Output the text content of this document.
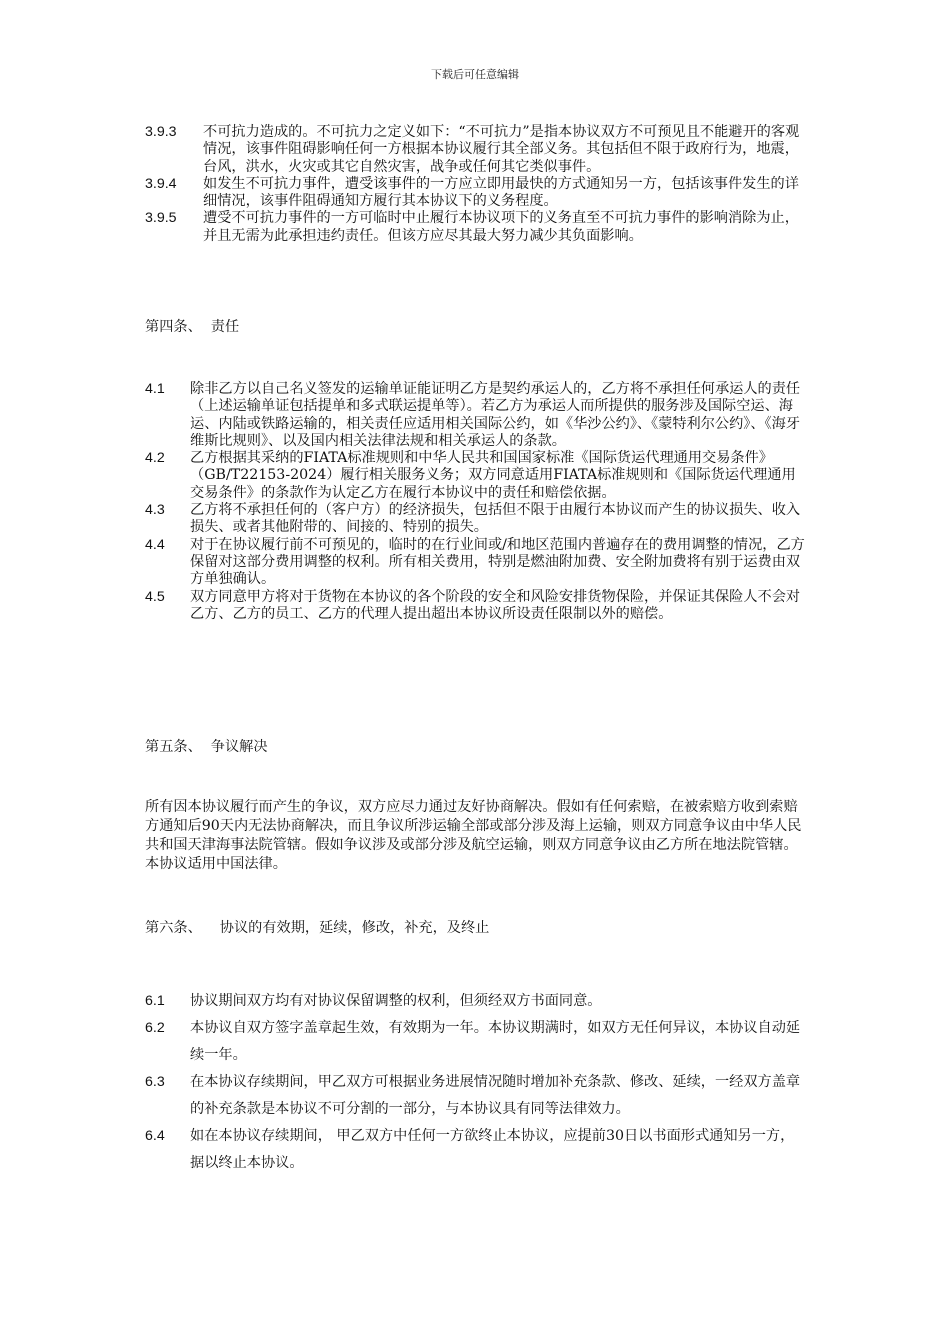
下载后可任意编辑
3.9.3	不可抗力造成的。不可抗力之定义如下：“不可抗力”是指本协议双方不可预见且不能避开的客观情况，该事件阻碍影响任何一方根据本协议履行其全部义务。其包括但不限于政府行为，地震，台风，洪水，火灾或其它自然灾害，战争或任何其它类似事件。
3.9.4	如发生不可抗力事件，遭受该事件的一方应立即用最快的方式通知另一方，包括该事件发生的详细情况，该事件阻碍通知方履行其本协议下的义务程度。
3.9.5	遭受不可抗力事件的一方可临时中止履行本协议项下的义务直至不可抗力事件的影响消除为止，并且无需为此承担违约责任。但该方应尽其最大努力减少其负面影响。
第四条、  责任
4.1	除非乙方以自己名义签发的运输单证能证明乙方是契约承运人的，乙方将不承担任何承运人的责任（上述运输单证包括提单和多式联运提单等）。若乙方为承运人而所提供的服务涉及国际空运、海运、内陆或铁路运输的，相关责任应适用相关国际公约，如《华沙公约》、《蒙特利尔公约》、《海牙维斯比规则》、以及国内相关法律法规和相关承运人的条款。
4.2	乙方根据其采纳的FIATA标准规则和中华人民共和国国家标准《国际货运代理通用交易条件》（GB/T22153-2024）履行相关服务义务；双方同意适用FIATA标准规则和《国际货运代理通用交易条件》的条款作为认定乙方在履行本协议中的责任和赔偿依据。
4.3	乙方将不承担任何的（客户方）的经济损失，包括但不限于由履行本协议而产生的协议损失、收入损失、或者其他附带的、间接的、特别的损失。
4.4	对于在协议履行前不可预见的，临时的在行业间或/和地区范围内普遍存在的费用调整的情况，乙方保留对这部分费用调整的权利。所有相关费用，特别是燃油附加费、安全附加费将有别于运费由双方单独确认。
4.5	双方同意甲方将对于货物在本协议的各个阶段的安全和风险安排货物保险，并保证其保险人不会对乙方、乙方的员工、乙方的代理人提出超出本协议所设责任限制以外的赔偿。
第五条、  争议解决
所有因本协议履行而产生的争议，双方应尽力通过友好协商解决。假如有任何索赔，在被索赔方收到索赔方通知后90天内无法协商解决，而且争议所涉运输全部或部分涉及海上运输，则双方同意争议由中华人民共和国天津海事法院管辖。假如争议涉及或部分涉及航空运输，则双方同意争议由乙方所在地法院管辖。本协议适用中国法律。
第六条、    协议的有效期，延续，修改，补充，及终止
6.1	协议期间双方均有对协议保留调整的权利，但须经双方书面同意。
6.2	本协议自双方签字盖章起生效，有效期为一年。本协议期满时，如双方无任何异议，本协议自动延续一年。
6.3	在本协议存续期间，甲乙双方可根据业务进展情况随时增加补充条款、修改、延续，一经双方盖章的补充条款是本协议不可分割的一部分，与本协议具有同等法律效力。
6.4	如在本协议存续期间， 甲乙双方中任何一方欲终止本协议，应提前30日以书面形式通知另一方，据以终止本协议。
